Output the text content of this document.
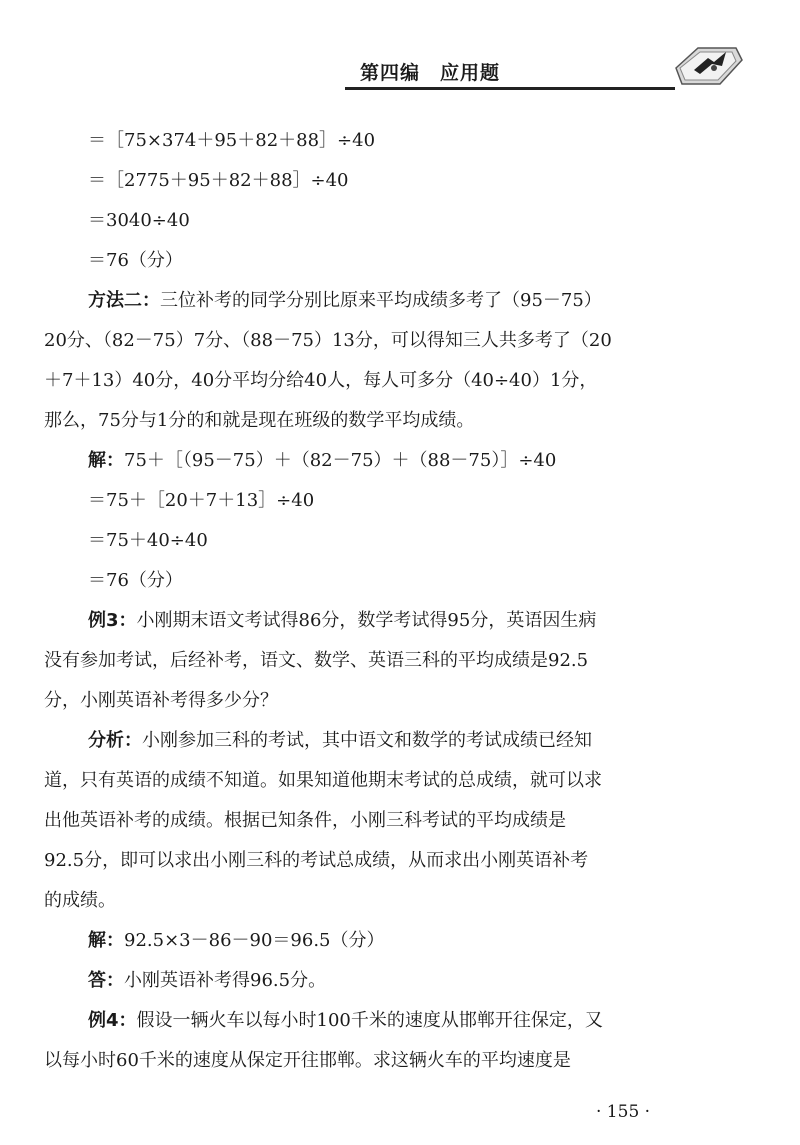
第四编　应用题
＝［75×374＋95＋82＋88］÷40
＝［2775＋95＋82＋88］÷40
＝3040÷40
＝76（分）
方法二：三位补考的同学分别比原来平均成绩多考了（95－75）
20分、（82－75）7分、（88－75）13分，可以得知三人共多考了（20
＋7＋13）40分，40分平均分给40人，每人可多分（40÷40）1分，
那么，75分与1分的和就是现在班级的数学平均成绩。
解：75＋［（95－75）＋（82－75）＋（88－75）］÷40
＝75＋［20＋7＋13］÷40
＝75＋40÷40
＝76（分）
例3：小刚期末语文考试得86分，数学考试得95分，英语因生病
没有参加考试，后经补考，语文、数学、英语三科的平均成绩是92.5
分，小刚英语补考得多少分？
分析：小刚参加三科的考试，其中语文和数学的考试成绩已经知
道，只有英语的成绩不知道。如果知道他期末考试的总成绩，就可以求
出他英语补考的成绩。根据已知条件，小刚三科考试的平均成绩是
92.5分，即可以求出小刚三科的考试总成绩，从而求出小刚英语补考
的成绩。
解：92.5×3－86－90＝96.5（分）
答：小刚英语补考得96.5分。
例4：假设一辆火车以每小时100千米的速度从邯郸开往保定，又
以每小时60千米的速度从保定开往邯郸。求这辆火车的平均速度是
· 155 ·
